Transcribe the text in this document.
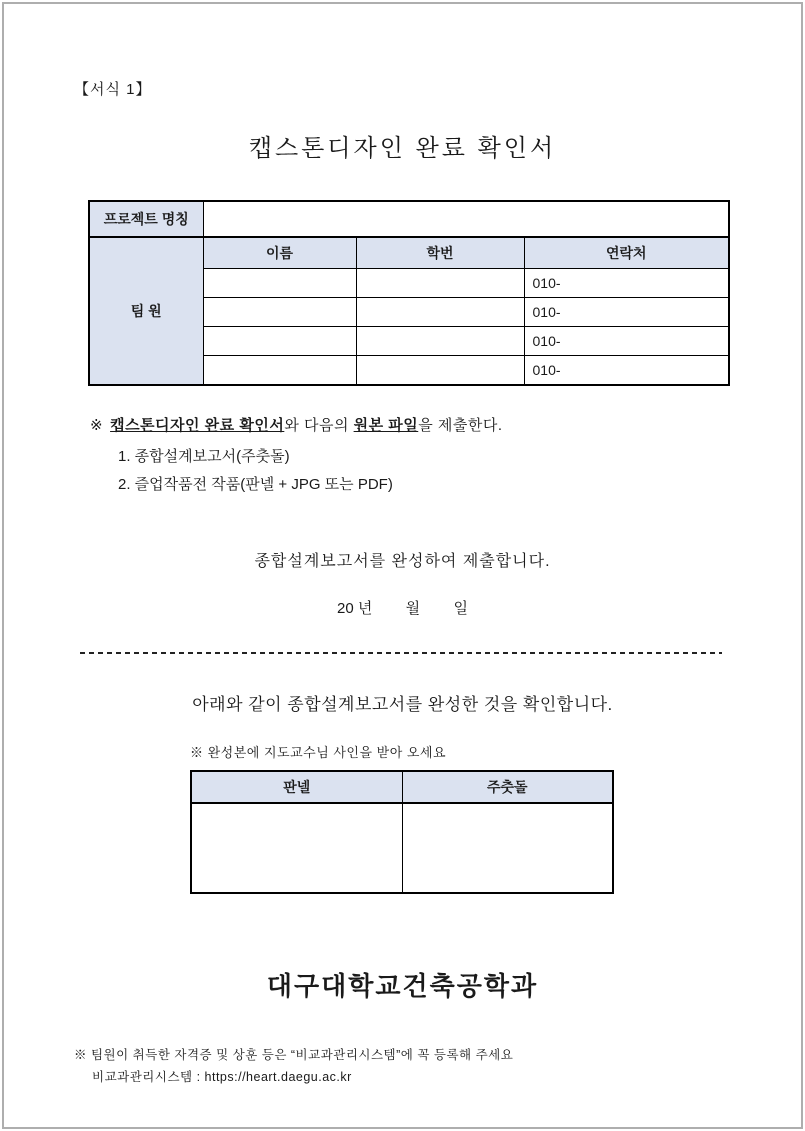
【서식 1】
캡스톤디자인 완료 확인서
프로젝트 명칭			
팀 원	이름	학번	연락처
			010-
			010-
			010-
			010-
※ 캡스톤디자인 완료 확인서와 다음의 원본 파일을 제출한다.
1. 종합설계보고서(주춧돌)
2. 즐업작품전 작품(판넬 + JPG 또는 PDF)
종합설계보고서를 완성하여 제출합니다.
20 년        월        일
아래와 같이 종합설계보고서를 완성한 것을 확인합니다.
※ 완성본에 지도교수님 사인을 받아 오세요
판넬	주춧돌

대구대학교건축공학과
※ 팀원이 취득한 자격증 및 상훈 등은 “비교과관리시스템”에 꼭 등록해 주세요
비교과관리시스템 : https://heart.daegu.ac.kr
